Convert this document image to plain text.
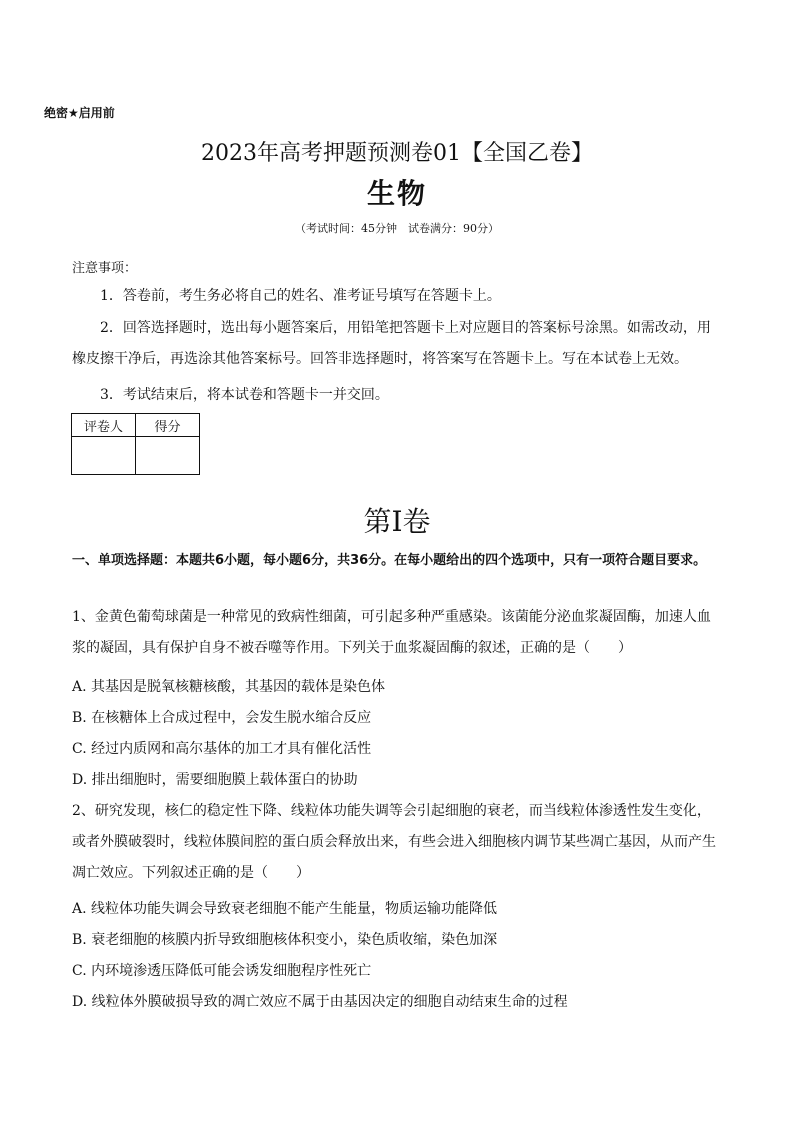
绝密★启用前
2023年高考押题预测卷01【全国乙卷】
生物
（考试时间：45分钟　试卷满分：90分）
注意事项：
1．答卷前，考生务必将自己的姓名、准考证号填写在答题卡上。
2．回答选择题时，选出每小题答案后，用铅笔把答题卡上对应题目的答案标号涂黑。如需改动，用橡皮擦干净后，再选涂其他答案标号。回答非选择题时，将答案写在答题卡上。写在本试卷上无效。
3．考试结束后，将本试卷和答题卡一并交回。
评卷人	得分

第I卷
一、单项选择题：本题共6小题，每小题6分，共36分。在每小题给出的四个选项中，只有一项符合题目要求。
1、金黄色葡萄球菌是一种常见的致病性细菌，可引起多种严重感染。该菌能分泌血浆凝固酶，加速人血浆的凝固，具有保护自身不被吞噬等作用。下列关于血浆凝固酶的叙述，正确的是（　　）
A. 其基因是脱氧核糖核酸，其基因的载体是染色体
B. 在核糖体上合成过程中，会发生脱水缩合反应
C. 经过内质网和高尔基体的加工才具有催化活性
D. 排出细胞时，需要细胞膜上载体蛋白的协助
2、研究发现，核仁的稳定性下降、线粒体功能失调等会引起细胞的衰老，而当线粒体渗透性发生变化，或者外膜破裂时，线粒体膜间腔的蛋白质会释放出来，有些会进入细胞核内调节某些凋亡基因，从而产生凋亡效应。下列叙述正确的是（　　）
A. 线粒体功能失调会导致衰老细胞不能产生能量，物质运输功能降低
B. 衰老细胞的核膜内折导致细胞核体积变小，染色质收缩，染色加深
C. 内环境渗透压降低可能会诱发细胞程序性死亡
D. 线粒体外膜破损导致的凋亡效应不属于由基因决定的细胞自动结束生命的过程
